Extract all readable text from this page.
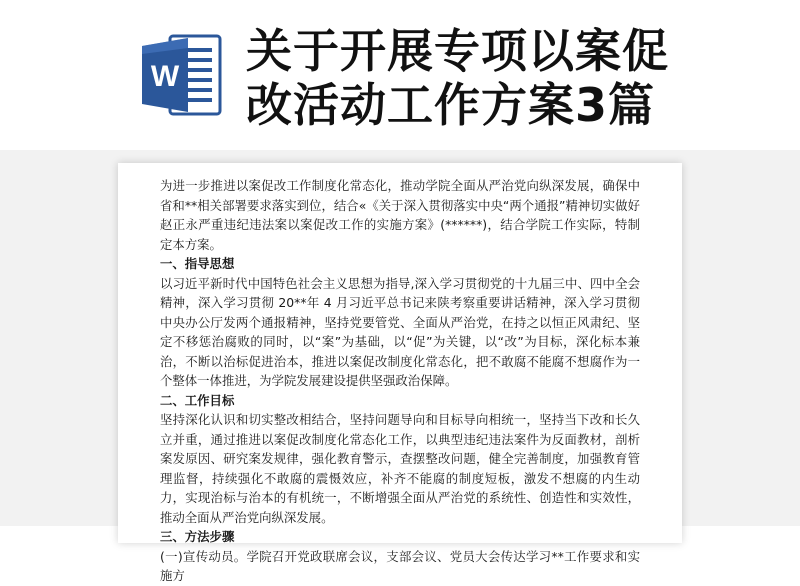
W 关于开展专项以案促
改活动工作方案3篇

为进一步推进以案促改工作制度化常态化，推动学院全面从严治党向纵深发展，确保中省和**相关部署要求落实到位，结合«《关于深入贯彻落实中央“两个通报”精神切实做好赵正永严重违纪违法案以案促改工作的实施方案》(******)，结合学院工作实际，特制定本方案。

一、指导思想

以习近平新时代中国特色社会主义思想为指导,深入学习贯彻党的十九届三中、四中全会精神，深入学习贯彻 20**年 4 月习近平总书记来陕考察重要讲话精神，深入学习贯彻中央办公厅发两个通报精神，坚持党要管党、全面从严治党，在持之以恒正风肃纪、坚定不移惩治腐败的同时，以“案”为基础，以“促”为关键，以“改”为目标，深化标本兼治，不断以治标促进治本，推进以案促改制度化常态化，把不敢腐不能腐不想腐作为一个整体一体推进，为学院发展建设提供坚强政治保障。

二、工作目标

坚持深化认识和切实整改相结合，坚持问题导向和目标导向相统一，坚持当下改和长久立并重，通过推进以案促改制度化常态化工作，以典型违纪违法案件为反面教材，剖析案发原因、研究案发规律，强化教育警示，查摆整改问题，健全完善制度，加强教育管理监督，持续强化不敢腐的震慑效应，补齐不能腐的制度短板，激发不想腐的内生动力，实现治标与治本的有机统一，不断增强全面从严治党的系统性、创造性和实效性，推动全面从严治党向纵深发展。

三、方法步骤

(一)宣传动员。学院召开党政联席会议，支部会议、党员大会传达学习**工作要求和实施方
